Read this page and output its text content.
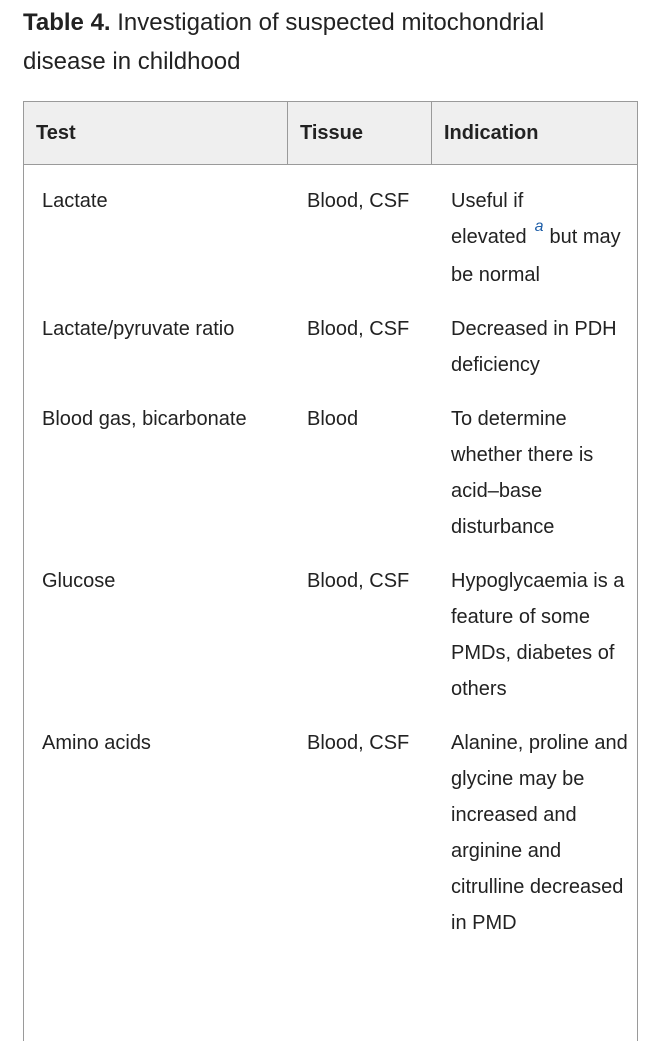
Table 4. Investigation of suspected mitochondrial disease in childhood
Test	Tissue	Indication
Lactate	Blood, CSF	Useful if elevated $^a$ but may be normal
Lactate/pyruvate ratio	Blood, CSF	Decreased in PDH deficiency
Blood gas, bicarbonate	Blood	To determine whether there is acid–base disturbance
Glucose	Blood, CSF	Hypoglycaemia is a feature of some PMDs, diabetes of others
Amino acids	Blood, CSF	Alanine, proline and glycine may be increased and arginine and citrulline decreased in PMD
